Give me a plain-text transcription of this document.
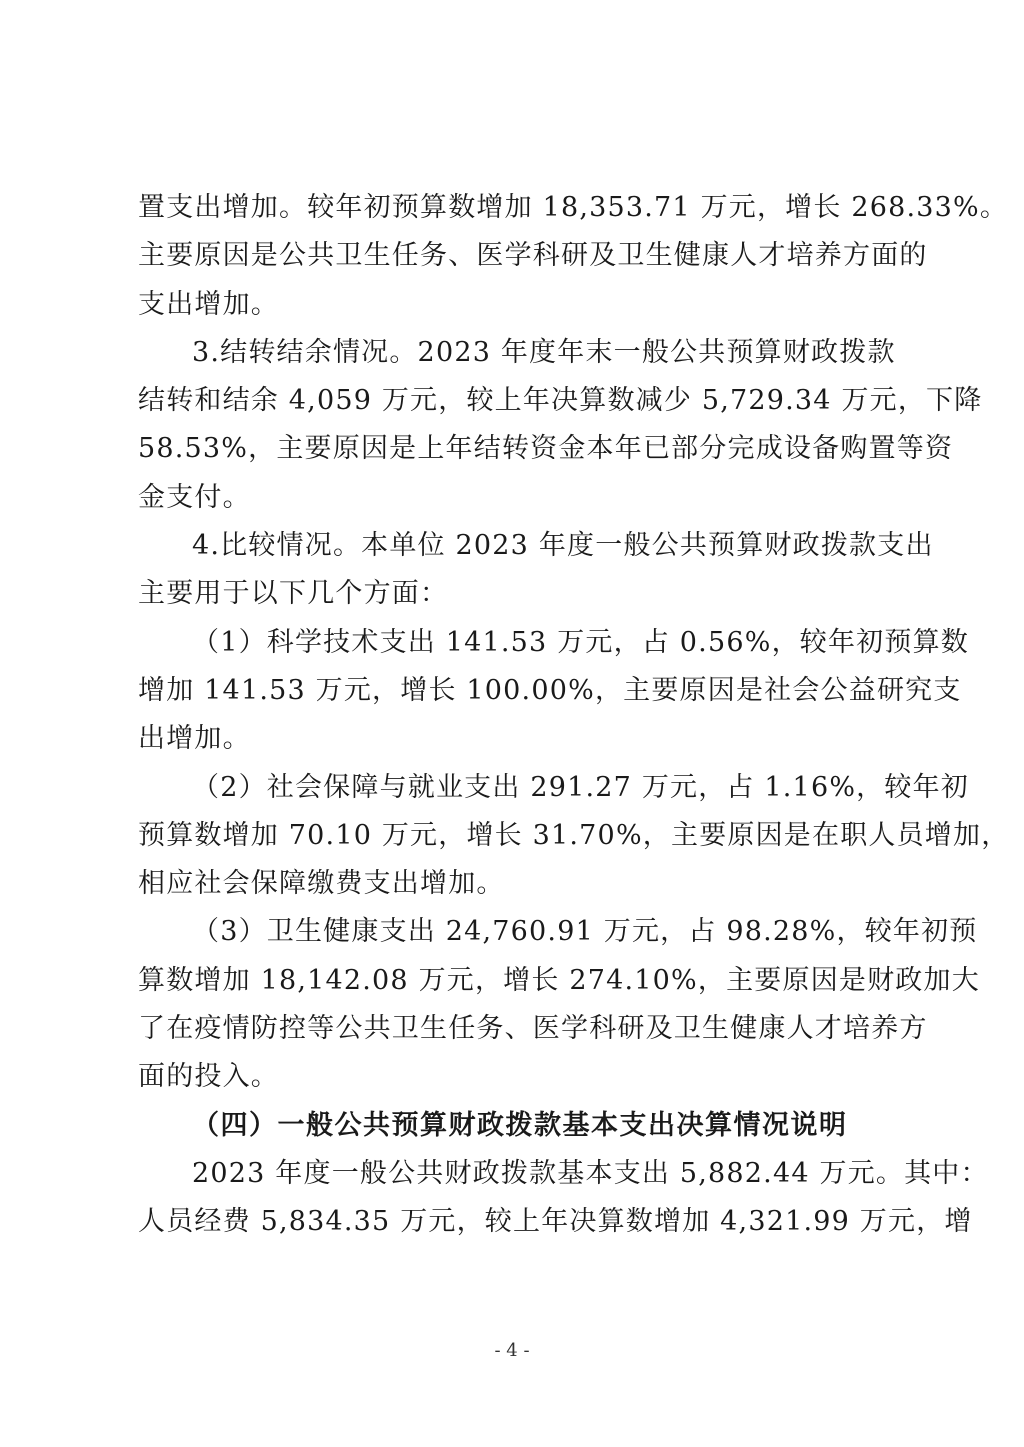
置支出增加。较年初预算数增加 18,353.71 万元，增长 268.33%。
主要原因是公共卫生任务、医学科研及卫生健康人才培养方面的
支出增加。
3.结转结余情况。2023 年度年末一般公共预算财政拨款
结转和结余 4,059 万元，较上年决算数减少 5,729.34 万元，下降
58.53%，主要原因是上年结转资金本年已部分完成设备购置等资
金支付。
4.比较情况。本单位 2023 年度一般公共预算财政拨款支出
主要用于以下几个方面：
（1）科学技术支出 141.53 万元，占 0.56%，较年初预算数
增加 141.53 万元，增长 100.00%，主要原因是社会公益研究支
出增加。
（2）社会保障与就业支出 291.27 万元，占 1.16%，较年初
预算数增加 70.10 万元，增长 31.70%，主要原因是在职人员增加，
相应社会保障缴费支出增加。
（3）卫生健康支出 24,760.91 万元，占 98.28%，较年初预
算数增加 18,142.08 万元，增长 274.10%，主要原因是财政加大
了在疫情防控等公共卫生任务、医学科研及卫生健康人才培养方
面的投入。
（四）一般公共预算财政拨款基本支出决算情况说明
2023 年度一般公共财政拨款基本支出 5,882.44 万元。其中：
人员经费 5,834.35 万元，较上年决算数增加 4,321.99 万元，增
- 4 -
